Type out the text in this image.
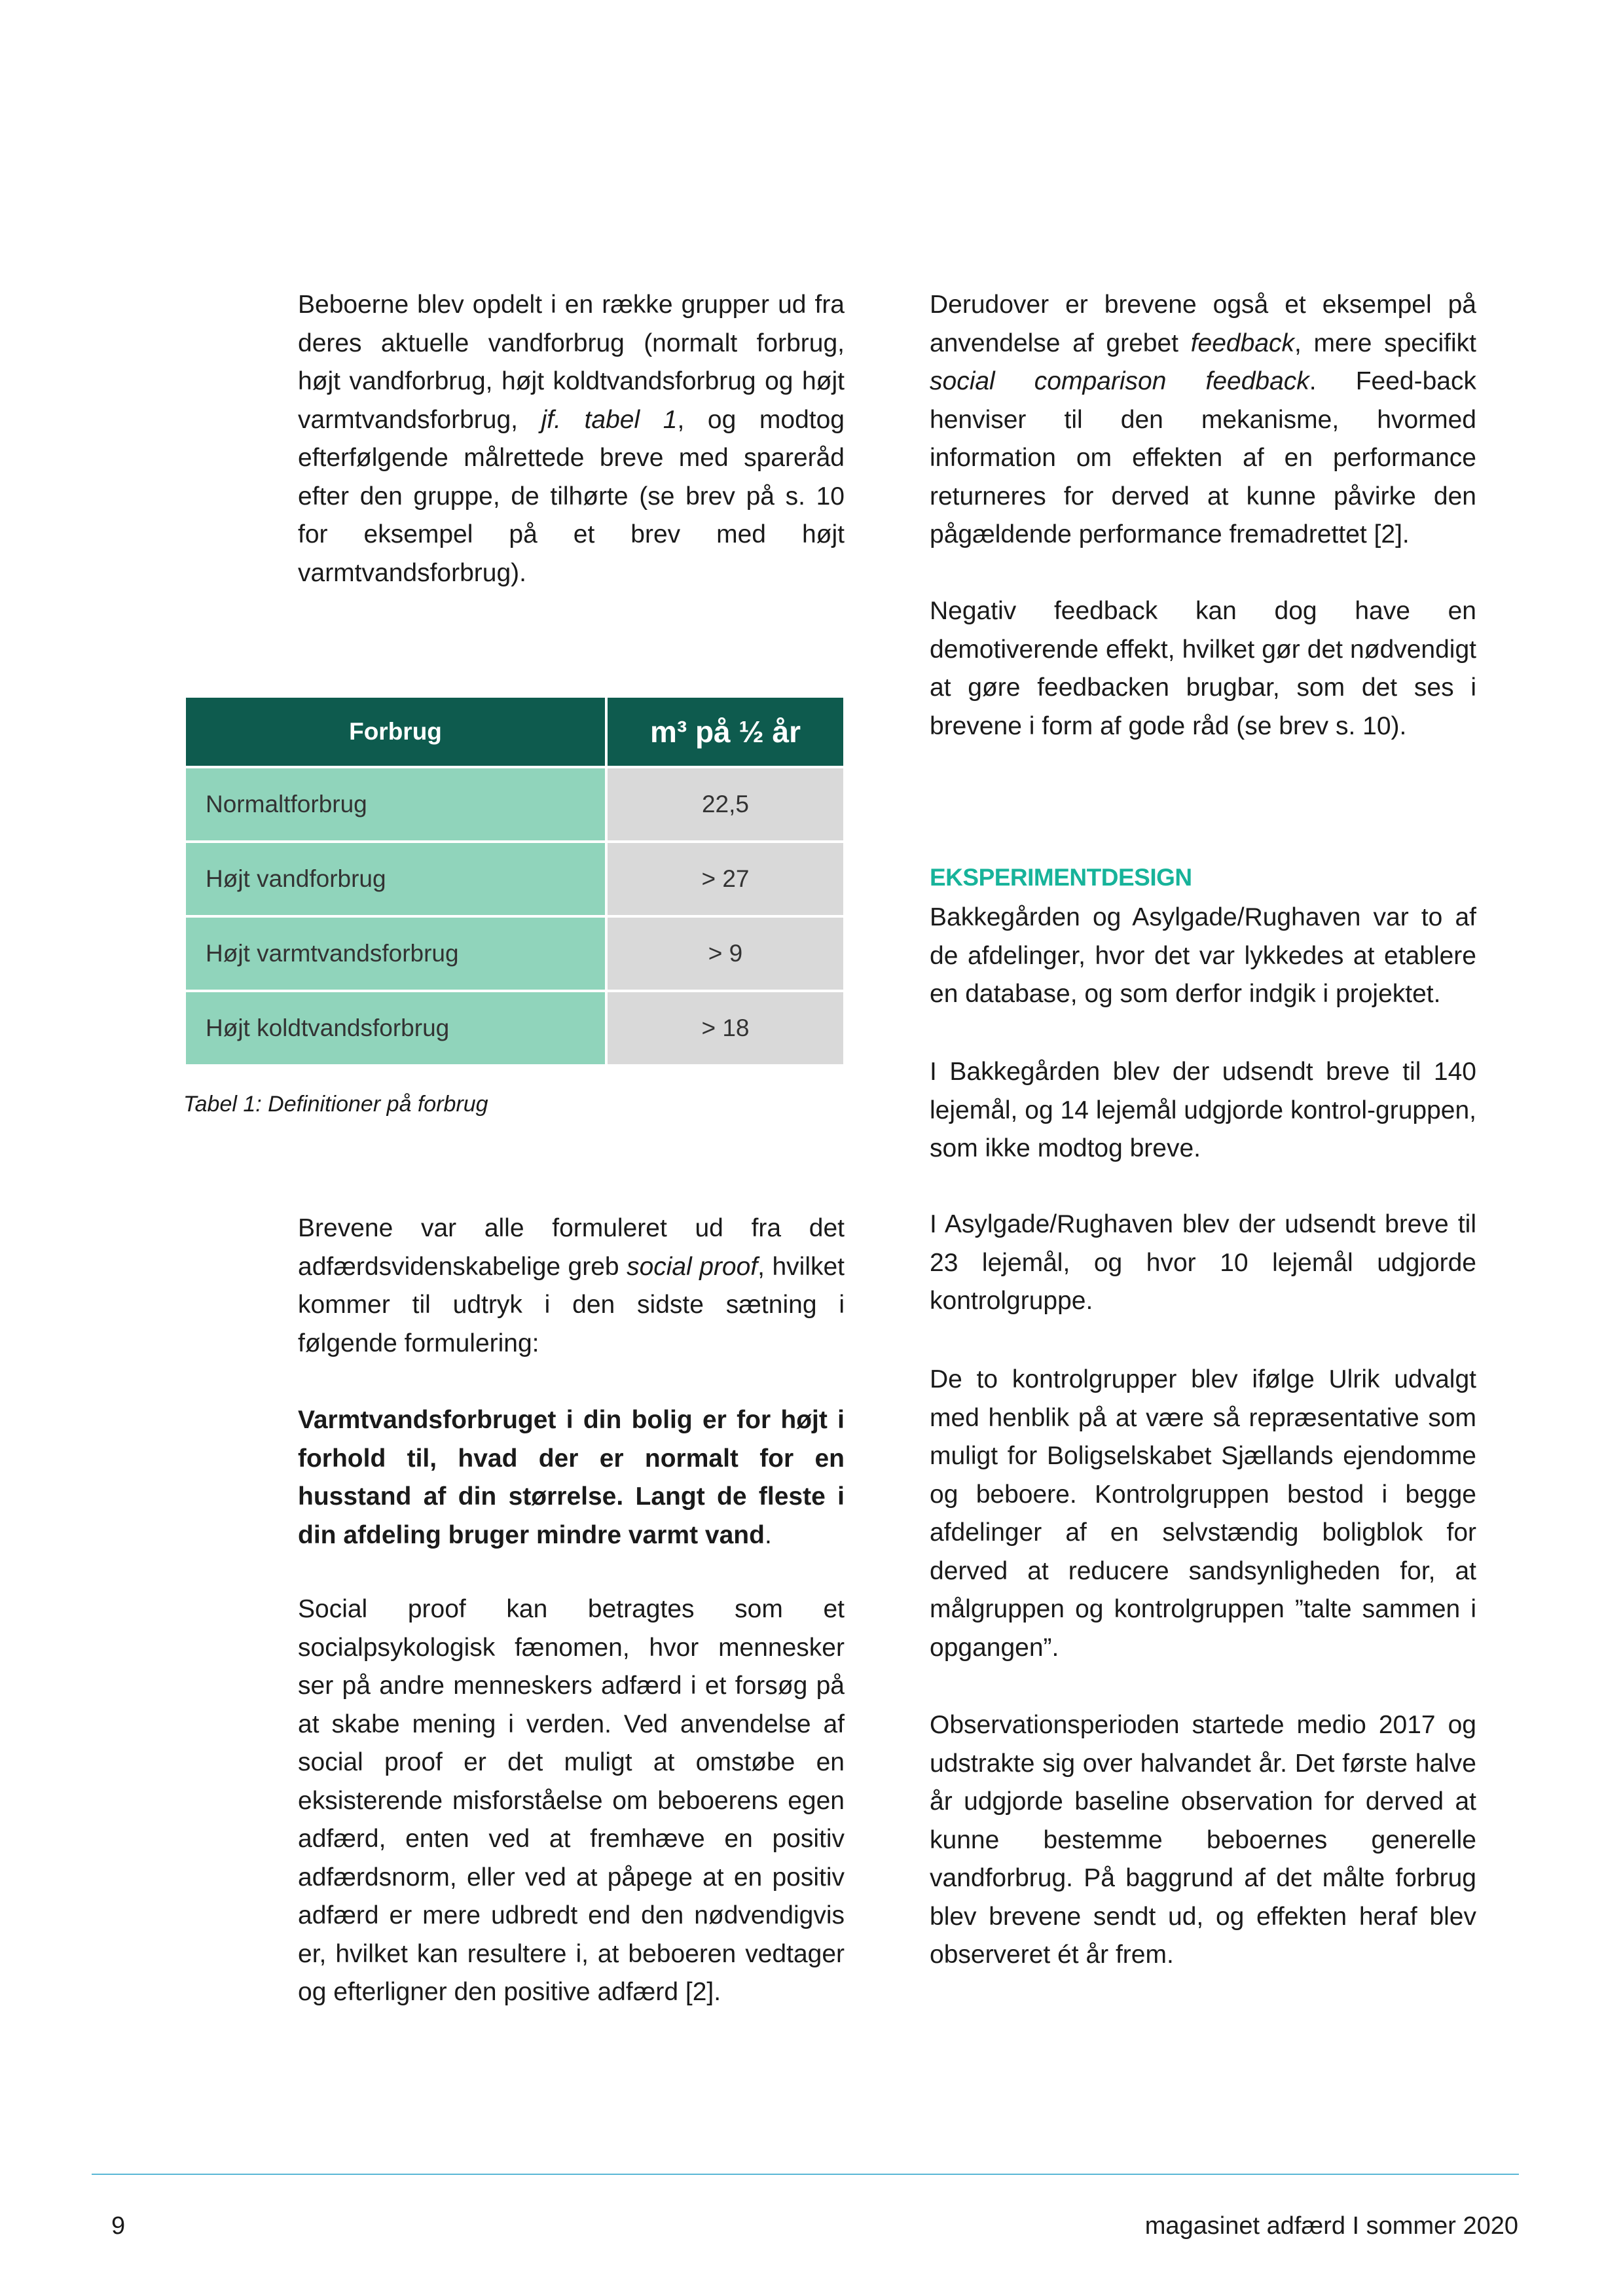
Beboerne blev opdelt i en række grupper ud fra deres aktuelle vandforbrug (normalt forbrug, højt vandforbrug, højt koldtvandsforbrug og højt varmtvandsforbrug, jf. tabel 1, og modtog efterfølgende målrettede breve med spareråd efter den gruppe, de tilhørte (se brev på s. 10 for eksempel på et brev med højt varmtvandsforbrug).

Forbrug	m³ på ½ år
Normaltforbrug	22,5
Højt vandforbrug	> 27
Højt varmtvandsforbrug	> 9
Højt koldtvandsforbrug	> 18

Tabel 1: Definitioner på forbrug

Brevene var alle formuleret ud fra det adfærdsvidenskabelige greb social proof, hvilket kommer til udtryk i den sidste sætning i følgende formulering:

Varmtvandsforbruget i din bolig er for højt i forhold til, hvad der er normalt for en husstand af din størrelse. Langt de fleste i din afdeling bruger mindre varmt vand.

Social proof kan betragtes som et socialpsykologisk fænomen, hvor mennesker ser på andre menneskers adfærd i et forsøg på at skabe mening i verden. Ved anvendelse af social proof er det muligt at omstøbe en eksisterende misforståelse om beboerens egen adfærd, enten ved at fremhæve en positiv adfærdsnorm, eller ved at påpege at en positiv adfærd er mere udbredt end den nødvendigvis er, hvilket kan resultere i, at beboeren vedtager og efterligner den positive adfærd [2].

Derudover er brevene også et eksempel på anvendelse af grebet feedback, mere specifikt social comparison feedback. Feed-back henviser til den mekanisme, hvormed information om effekten af en performance returneres for derved at kunne påvirke den pågældende performance fremadrettet [2].

Negativ feedback kan dog have en demotiverende effekt, hvilket gør det nødvendigt at gøre feedbacken brugbar, som det ses i brevene i form af gode råd (se brev s. 10).

EKSPERIMENTDESIGN

Bakkegården og Asylgade/Rughaven var to af de afdelinger, hvor det var lykkedes at etablere en database, og som derfor indgik i projektet.

I Bakkegården blev der udsendt breve til 140 lejemål, og 14 lejemål udgjorde kontrol-gruppen, som ikke modtog breve.

I Asylgade/Rughaven blev der udsendt breve til 23 lejemål, og hvor 10 lejemål udgjorde kontrolgruppe.

De to kontrolgrupper blev ifølge Ulrik udvalgt med henblik på at være så repræsentative som muligt for Boligselskabet Sjællands ejendomme og beboere. Kontrolgruppen bestod i begge afdelinger af en selvstændig boligblok for derved at reducere sandsynligheden for, at målgruppen og kontrolgruppen ”talte sammen i opgangen”.

Observationsperioden startede medio 2017 og udstrakte sig over halvandet år. Det første halve år udgjorde baseline observation for derved at kunne bestemme beboernes generelle vandforbrug. På baggrund af det målte forbrug blev brevene sendt ud, og effekten heraf blev observeret ét år frem.

9	magasinet adfærd I sommer 2020
